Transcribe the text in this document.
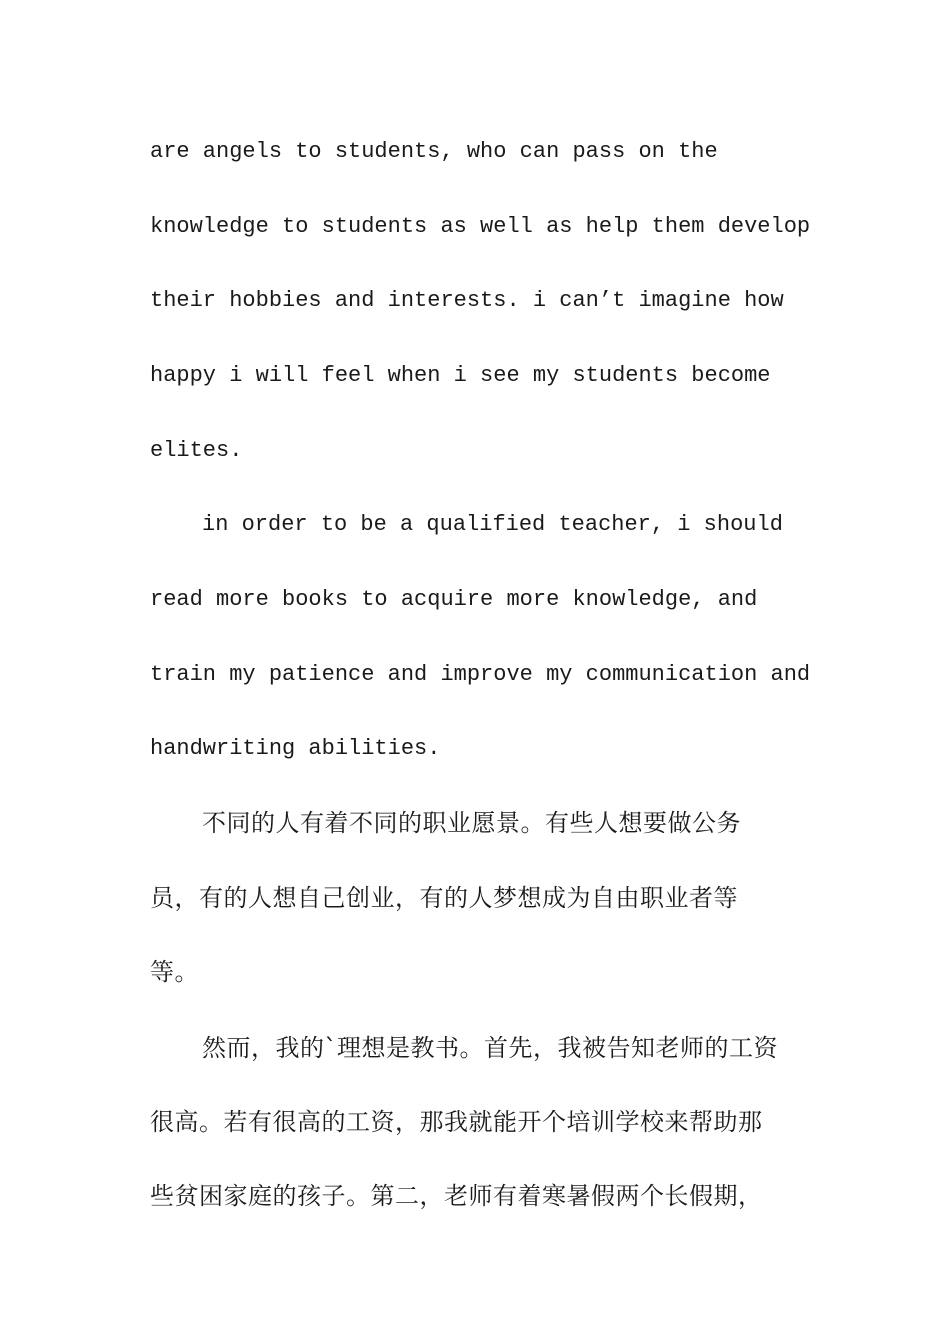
are angels to students, who can pass on the
knowledge to students as well as help them develop
their hobbies and interests. i can’t imagine how
happy i will feel when i see my students become
elites.
in order to be a qualified teacher, i should
read more books to acquire more knowledge, and
train my patience and improve my communication and
handwriting abilities.
不同的人有着不同的职业愿景。有些人想要做公务
员，有的人想自己创业，有的人梦想成为自由职业者等
等。
然而，我的`理想是教书。首先，我被告知老师的工资
很高。若有很高的工资，那我就能开个培训学校来帮助那
些贫困家庭的孩子。第二，老师有着寒暑假两个长假期，
